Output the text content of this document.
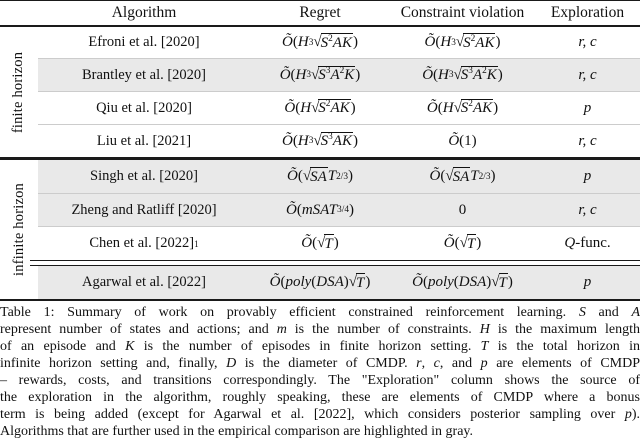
Algorithm	Regret	Constraint violation	Exploration
finite horizon
Efroni et al. [2020]	Õ ( H 3 √ $S^2AK$ )	Õ ( H 3 √ $S^2AK$ )	r, c
Brantley et al. [2020]	Õ ( H 3 √ $S^3A^2K$ )	Õ ( H 3 √ $S^3A^2K$ )	r, c
Qiu et al. [2020]	Õ ( H √ $S^2AK$ )	Õ ( H √ $S^2AK$ )	p
Liu et al. [2021]	Õ ( H 3 √ $S^3AK$ )	Õ (1)	r, c
infinite horizon
Singh et al. [2020]	Õ ( √ SA T 2/3 )	Õ ( √ SA T 2/3 )	p
Zheng and Ratliff [2020]	Õ ( mSAT 3/4 )	0	r, c
Chen et al. [2022] 1	Õ ( √ T )	Õ ( √ T )	Q -func.
Agarwal et al. [2022]	Õ ( poly ( DSA ) √ T )	Õ ( poly ( DSA ) √ T )	p
Table 1: Summary of work on provably efficient constrained reinforcement learning. S and A
represent number of states and actions; and m is the number of constraints. H is the maximum length
of an episode and K is the number of episodes in finite horizon setting. T is the total horizon in
infinite horizon setting and, finally, D is the diameter of CMDP. r, c, and p are elements of CMDP
– rewards, costs, and transitions correspondingly. The "Exploration" column shows the source of
the exploration in the algorithm, roughly speaking, these are elements of CMDP where a bonus
term is being added (except for Agarwal et al. [2022], which considers posterior sampling over p).
Algorithms that are further used in the empirical comparison are highlighted in gray.
